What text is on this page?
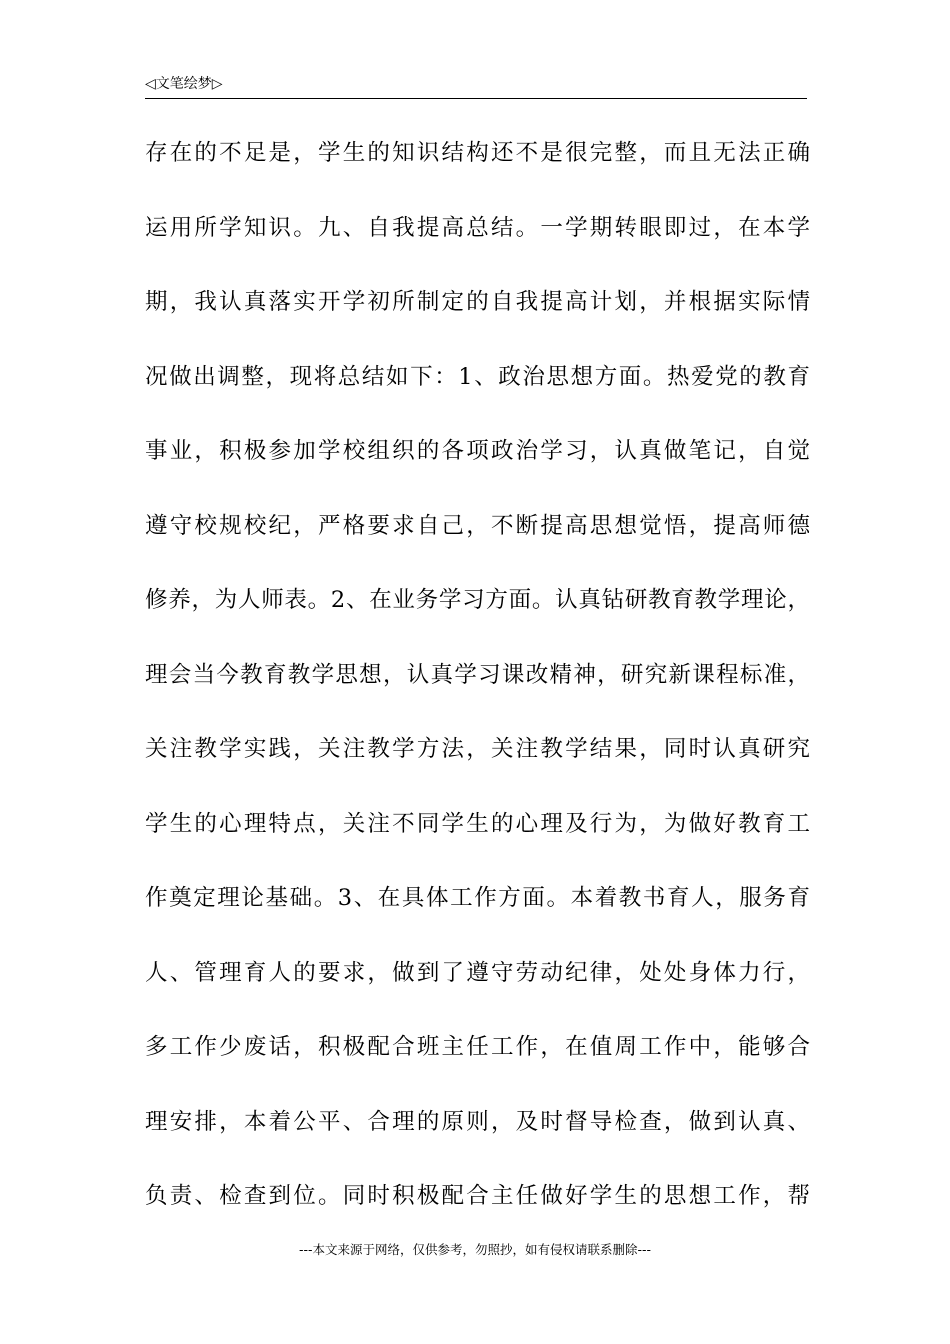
◁文笔绘梦▷
存在的不足是，学生的知识结构还不是很完整，而且无法正确
运用所学知识。九、自我提高总结。一学期转眼即过，在本学
期，我认真落实开学初所制定的自我提高计划，并根据实际情
况做出调整，现将总结如下：1、政治思想方面。热爱党的教育
事业，积极参加学校组织的各项政治学习，认真做笔记，自觉
遵守校规校纪，严格要求自己，不断提高思想觉悟，提高师德
修养，为人师表。2、在业务学习方面。认真钻研教育教学理论，
理会当今教育教学思想，认真学习课改精神，研究新课程标准，
关注教学实践，关注教学方法，关注教学结果，同时认真研究
学生的心理特点，关注不同学生的心理及行为，为做好教育工
作奠定理论基础。3、在具体工作方面。本着教书育人，服务育
人、管理育人的要求，做到了遵守劳动纪律，处处身体力行，
多工作少废话，积极配合班主任工作，在值周工作中，能够合
理安排，本着公平、合理的原则，及时督导检查，做到认真、
负责、检查到位。同时积极配合主任做好学生的思想工作，帮
---本文来源于网络，仅供参考，勿照抄，如有侵权请联系删除---
